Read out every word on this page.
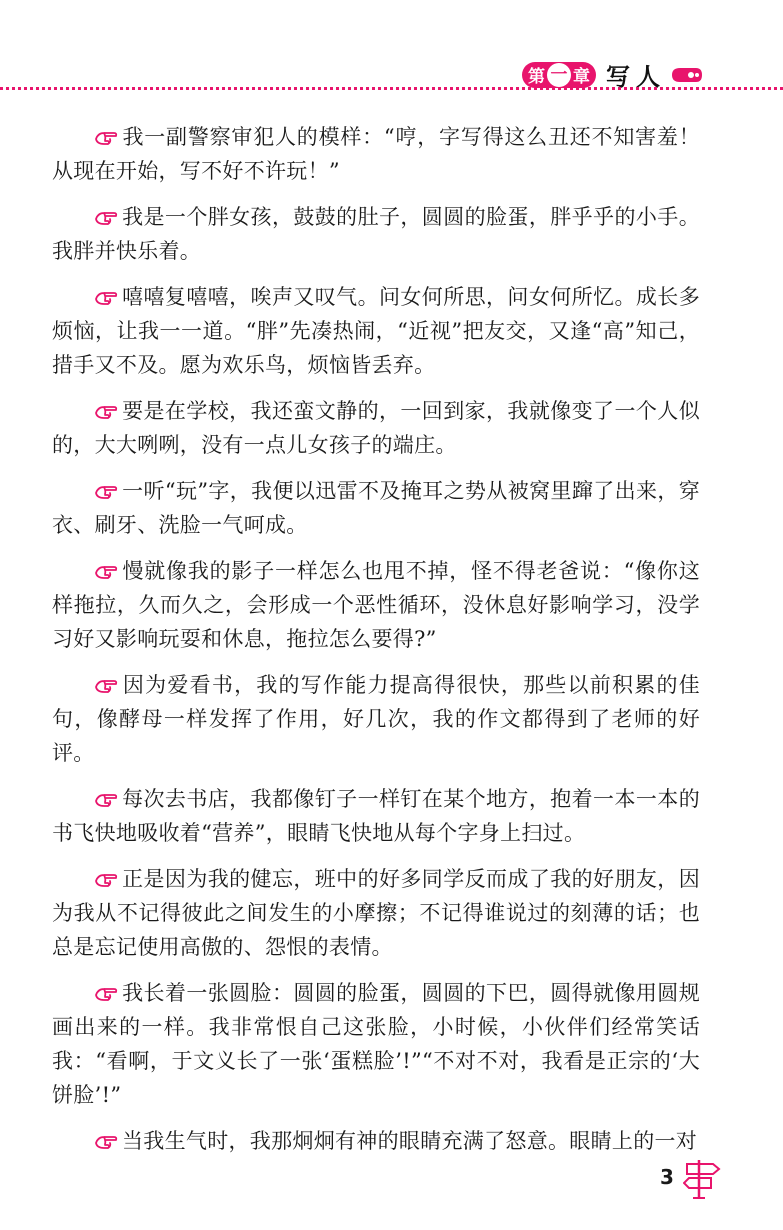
第 一 章 写人

我一副警察审犯人的模样：“哼，字写得这么丑还不知害羞！从现在开始，写不好不许玩！”

我是一个胖女孩，鼓鼓的肚子，圆圆的脸蛋，胖乎乎的小手。我胖并快乐着。

嘻嘻复嘻嘻，唉声又叹气。问女何所思，问女何所忆。成长多烦恼，让我一一道。“胖”先凑热闹，“近视”把友交，又逢“高”知己，措手又不及。愿为欢乐鸟，烦恼皆丢弃。

要是在学校，我还蛮文静的，一回到家，我就像变了一个人似的，大大咧咧，没有一点儿女孩子的端庄。

一听“玩”字，我便以迅雷不及掩耳之势从被窝里蹿了出来，穿衣、刷牙、洗脸一气呵成。

慢就像我的影子一样怎么也甩不掉，怪不得老爸说：“像你这样拖拉，久而久之，会形成一个恶性循环，没休息好影响学习，没学习好又影响玩耍和休息，拖拉怎么要得?”

因为爱看书，我的写作能力提高得很快，那些以前积累的佳句，像酵母一样发挥了作用，好几次，我的作文都得到了老师的好评。

每次去书店，我都像钉子一样钉在某个地方，抱着一本一本的书飞快地吸收着“营养”，眼睛飞快地从每个字身上扫过。

正是因为我的健忘，班中的好多同学反而成了我的好朋友，因为我从不记得彼此之间发生的小摩擦；不记得谁说过的刻薄的话；也总是忘记使用高傲的、怨恨的表情。

我长着一张圆脸：圆圆的脸蛋，圆圆的下巴，圆得就像用圆规画出来的一样。我非常恨自己这张脸，小时候，小伙伴们经常笑话我：“看啊，于文义长了一张‘蛋糕脸’!”“不对不对，我看是正宗的‘大饼脸’!”

当我生气时，我那炯炯有神的眼睛充满了怒意。眼睛上的一对

3
